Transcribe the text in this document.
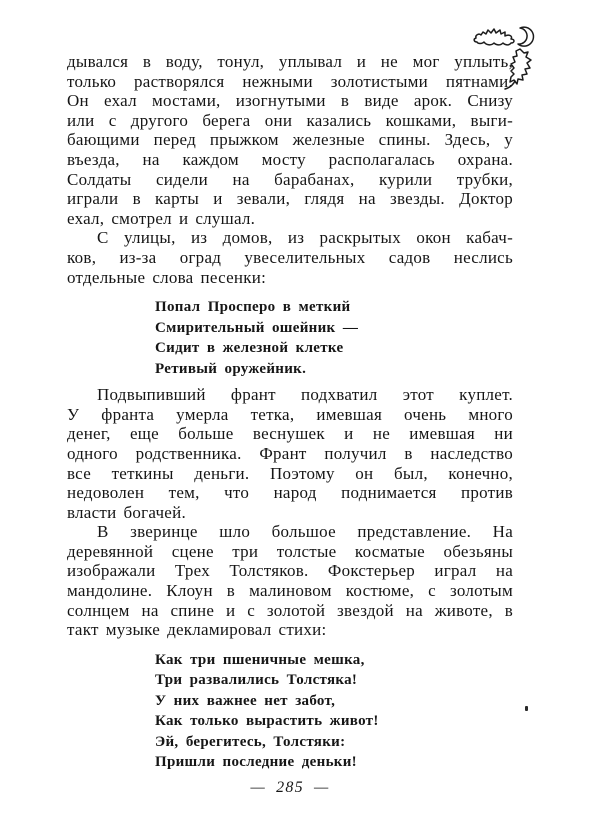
дывался в воду, тонул, уплывал и не мог уплыть,
только растворялся нежными золотистыми пятнами.
Он ехал мостами, изогнутыми в виде арок. Снизу
или с другого берега они казались кошками, выги-
бающими перед прыжком железные спины. Здесь, у
въезда, на каждом мосту располагалась охрана.
Солдаты сидели на барабанах, курили трубки,
играли в карты и зевали, глядя на звезды. Доктор
ехал, смотрел и слушал.
С улицы, из домов, из раскрытых окон кабач-
ков, из-за оград увеселительных садов неслись
отдельные слова песенки:
Попал Просперо в меткий
Смирительный ошейник —
Сидит в железной клетке
Ретивый оружейник.
Подвыпивший франт подхватил этот куплет.
У франта умерла тетка, имевшая очень много
денег, еще больше веснушек и не имевшая ни
одного родственника. Франт получил в наследство
все теткины деньги. Поэтому он был, конечно,
недоволен тем, что народ поднимается против
власти богачей.
В зверинце шло большое представление. На
деревянной сцене три толстые косматые обезьяны
изображали Трех Толстяков. Фокстерьер играл на
мандолине. Клоун в малиновом костюме, с золотым
солнцем на спине и с золотой звездой на животе, в
такт музыке декламировал стихи:
Как три пшеничные мешка,
Три развалились Толстяка!
У них важнее нет забот,
Как только вырастить живот!
Эй, берегитесь, Толстяки:
Пришли последние деньки!
— 285 —
